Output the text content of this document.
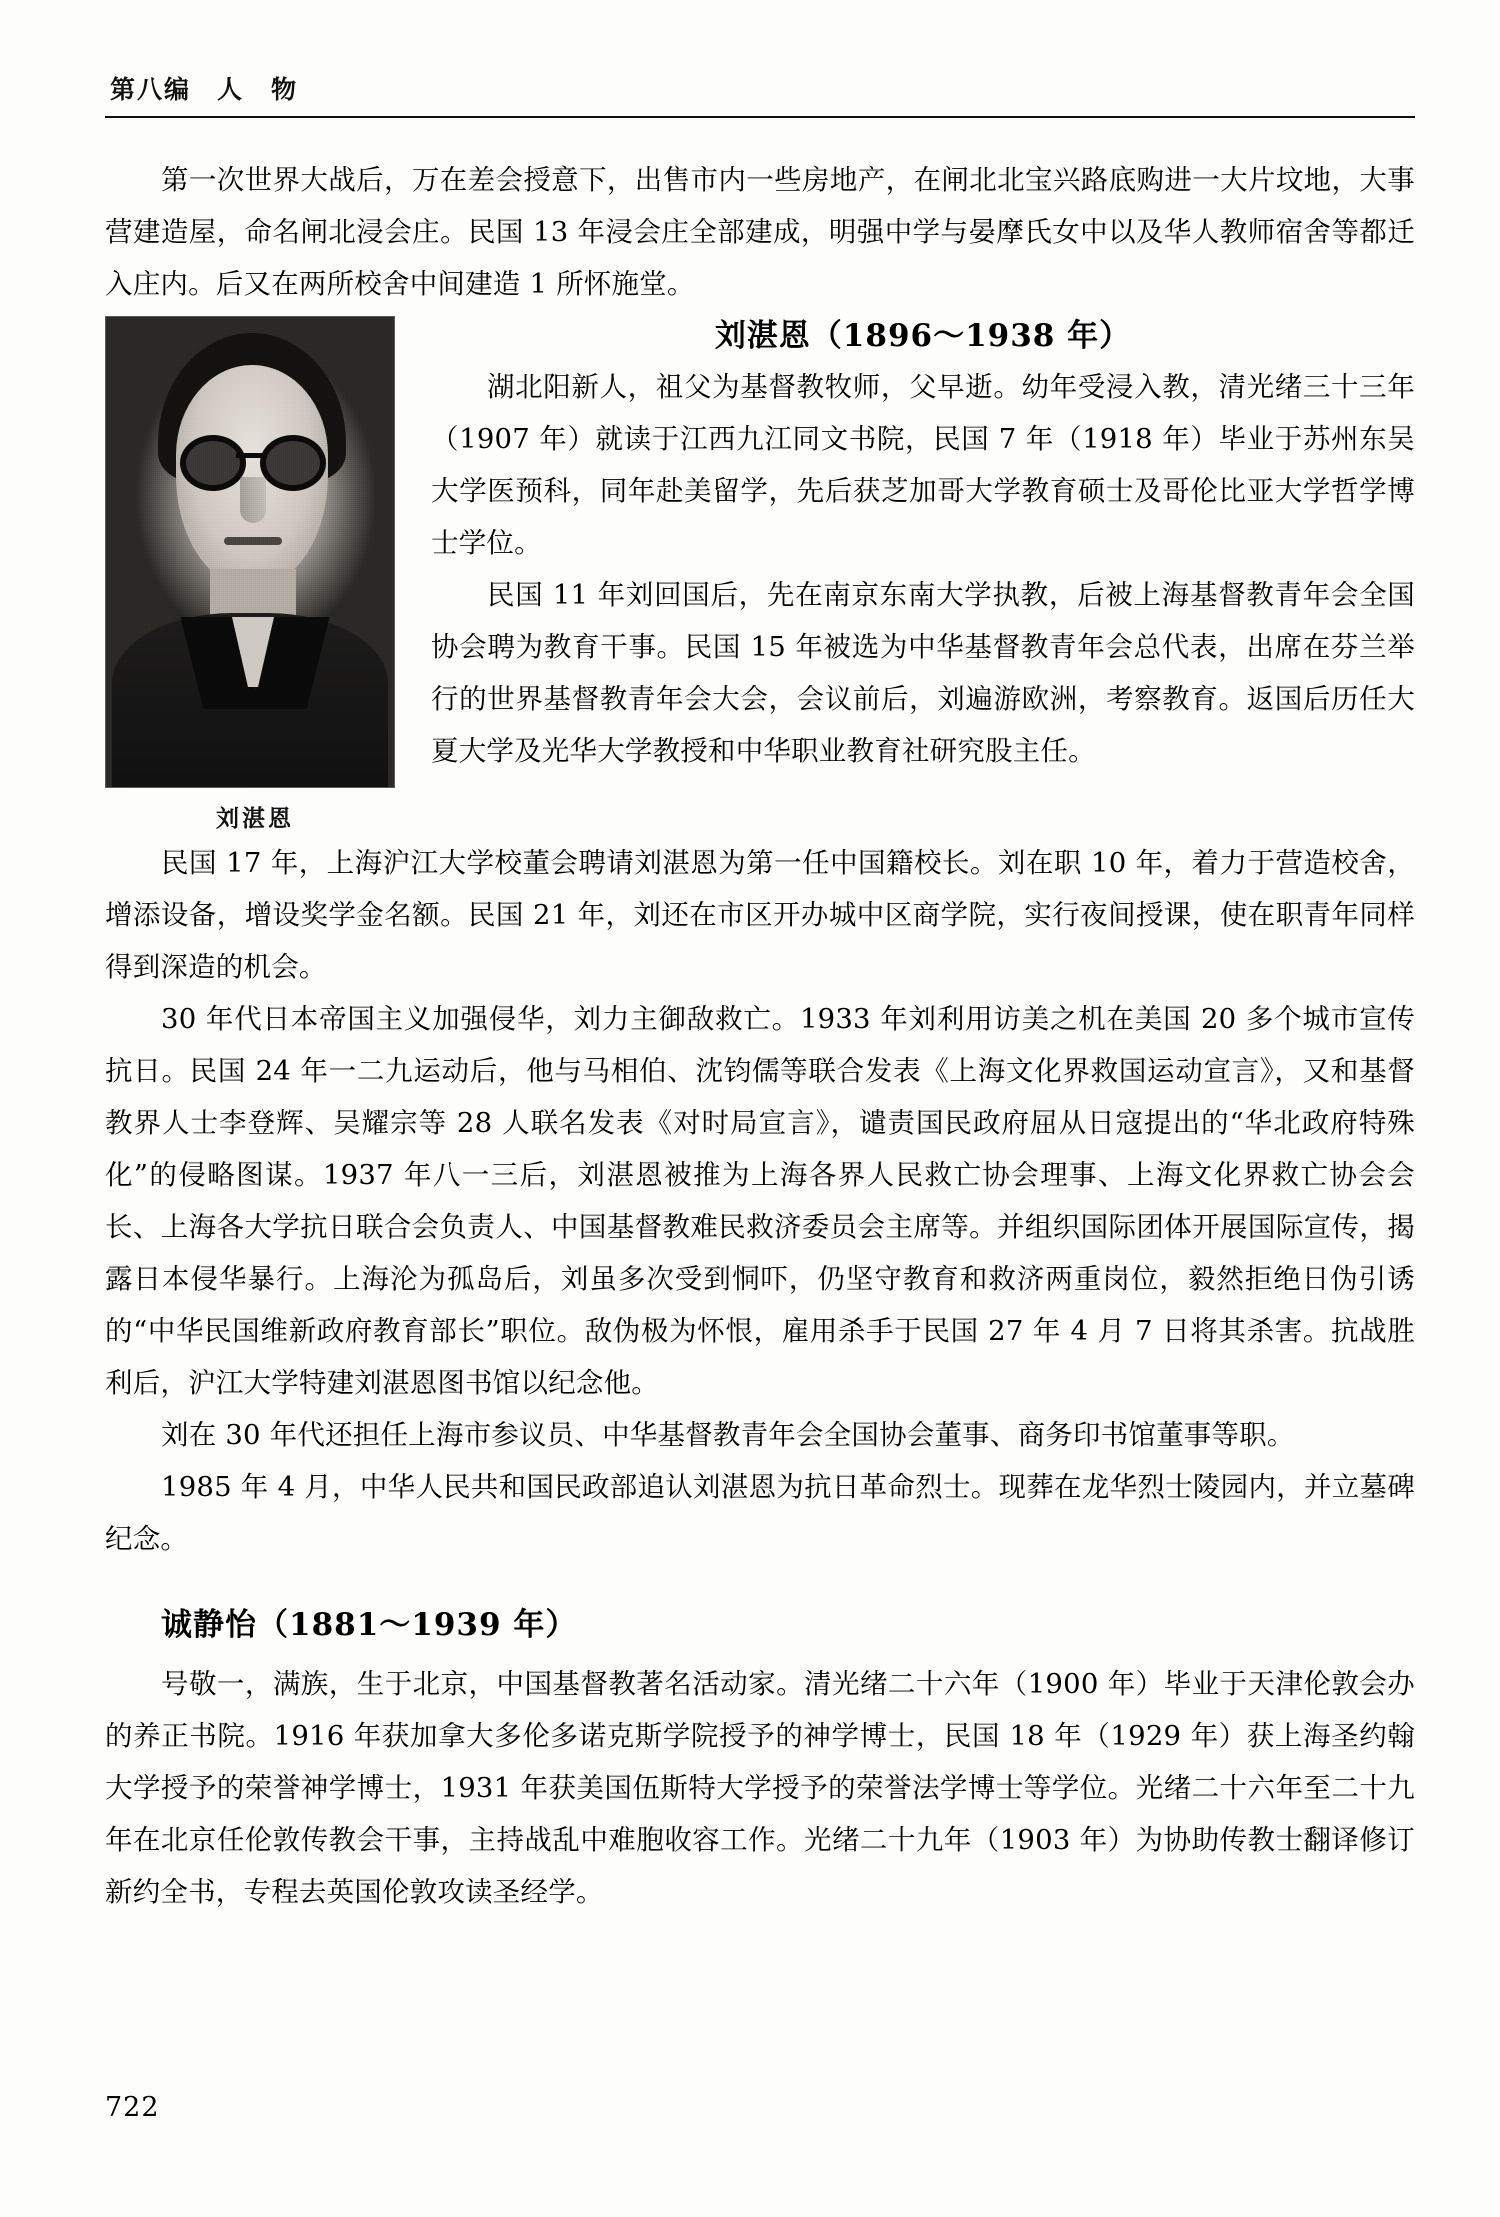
第八编 人　物

第一次世界大战后，万在差会授意下，出售市内一些房地产，在闸北北宝兴路底购进一大片坟地，大事营建造屋，命名闸北浸会庄。民国 13 年浸会庄全部建成，明强中学与晏摩氏女中以及华人教师宿舍等都迁入庄内。后又在两所校舍中间建造 1 所怀施堂。

刘湛恩
刘湛恩（1896～1938 年）

湖北阳新人，祖父为基督教牧师，父早逝。幼年受浸入教，清光绪三十三年（1907 年）就读于江西九江同文书院，民国 7 年（1918 年）毕业于苏州东吴大学医预科，同年赴美留学，先后获芝加哥大学教育硕士及哥伦比亚大学哲学博士学位。

民国 11 年刘回国后，先在南京东南大学执教，后被上海基督教青年会全国协会聘为教育干事。民国 15 年被选为中华基督教青年会总代表，出席在芬兰举行的世界基督教青年会大会，会议前后，刘遍游欧洲，考察教育。返国后历任大夏大学及光华大学教授和中华职业教育社研究股主任。

民国 17 年，上海沪江大学校董会聘请刘湛恩为第一任中国籍校长。刘在职 10 年，着力于营造校舍，增添设备，增设奖学金名额。民国 21 年，刘还在市区开办城中区商学院，实行夜间授课，使在职青年同样得到深造的机会。

30 年代日本帝国主义加强侵华，刘力主御敌救亡。1933 年刘利用访美之机在美国 20 多个城市宣传抗日。民国 24 年一二九运动后，他与马相伯、沈钧儒等联合发表《上海文化界救国运动宣言》，又和基督教界人士李登辉、吴耀宗等 28 人联名发表《对时局宣言》，谴责国民政府屈从日寇提出的“华北政府特殊化”的侵略图谋。1937 年八一三后，刘湛恩被推为上海各界人民救亡协会理事、上海文化界救亡协会会长、上海各大学抗日联合会负责人、中国基督教难民救济委员会主席等。并组织国际团体开展国际宣传，揭露日本侵华暴行。上海沦为孤岛后，刘虽多次受到恫吓，仍坚守教育和救济两重岗位，毅然拒绝日伪引诱的“中华民国维新政府教育部长”职位。敌伪极为怀恨，雇用杀手于民国 27 年 4 月 7 日将其杀害。抗战胜利后，沪江大学特建刘湛恩图书馆以纪念他。

刘在 30 年代还担任上海市参议员、中华基督教青年会全国协会董事、商务印书馆董事等职。

1985 年 4 月，中华人民共和国民政部追认刘湛恩为抗日革命烈士。现葬在龙华烈士陵园内，并立墓碑纪念。

诚静怡（1881～1939 年）

号敬一，满族，生于北京，中国基督教著名活动家。清光绪二十六年（1900 年）毕业于天津伦敦会办的养正书院。1916 年获加拿大多伦多诺克斯学院授予的神学博士，民国 18 年（1929 年）获上海圣约翰大学授予的荣誉神学博士，1931 年获美国伍斯特大学授予的荣誉法学博士等学位。光绪二十六年至二十九年在北京任伦敦传教会干事，主持战乱中难胞收容工作。光绪二十九年（1903 年）为协助传教士翻译修订新约全书，专程去英国伦敦攻读圣经学。

722
